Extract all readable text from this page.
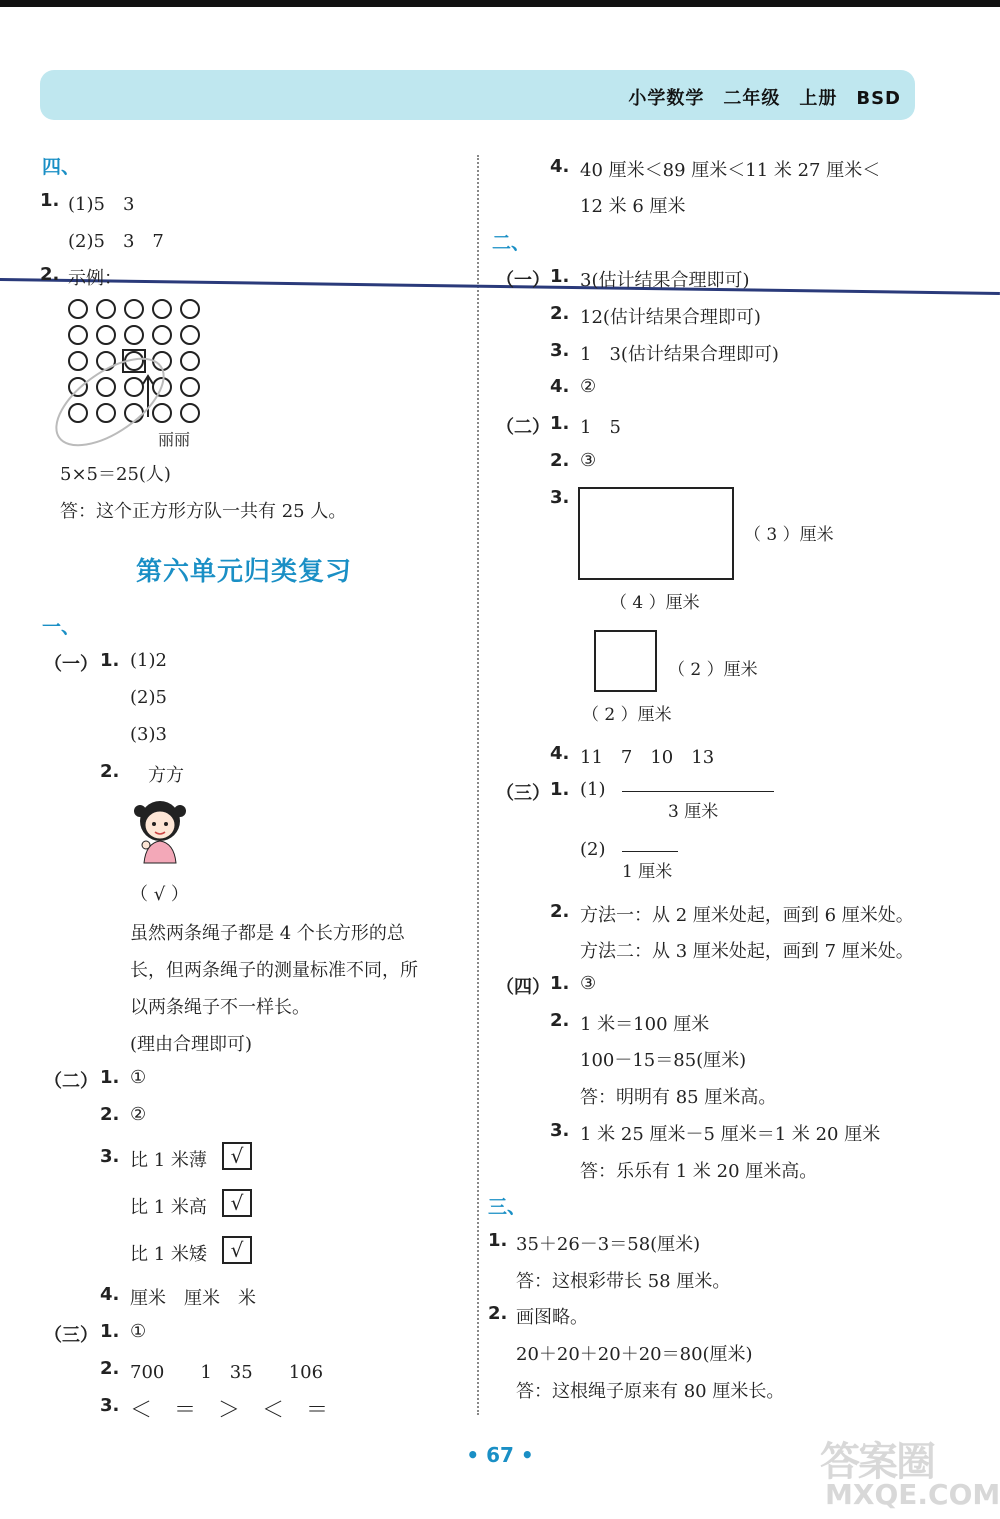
小学数学　二年级　上册　BSD
四、
1. (1)5　3
(2)5　3　7
2. 示例：
丽丽
5×5＝25(人)
答：这个正方形方队一共有 25 人。
第六单元归类复习
一、
（一） 1. (1)2
(2)5
(3)3
2. 方方
（ √ ）
虽然两条绳子都是 4 个长方形的总
长，但两条绳子的测量标准不同，所
以两条绳子不一样长。
(理由合理即可)
（二） 1. ①
2. ②
3. 比 1 米薄	√
比 1 米高	√
比 1 米矮	√
4. 厘米　厘米　米
（三） 1. ①
2. 700　　1　35　　106
3. ＜　＝　＞　＜　＝
4. 40 厘米＜89 厘米＜11 米 27 厘米＜
12 米 6 厘米
二、
（一） 1. 3(估计结果合理即可)
2. 12(估计结果合理即可)
3. 1　3(估计结果合理即可)
4. ②
（二） 1. 1　5
2. ③
3.
（ 3 ）厘米
（ 4 ）厘米
（ 2 ）厘米
（ 2 ）厘米
4. 11　7　10　13
（三） 1. (1)
3 厘米
(2)
1 厘米
2. 方法一：从 2 厘米处起，画到 6 厘米处。
方法二：从 3 厘米处起，画到 7 厘米处。
（四） 1. ③
2. 1 米＝100 厘米
100－15＝85(厘米)
答：明明有 85 厘米高。
3. 1 米 25 厘米－5 厘米＝1 米 20 厘米
答：乐乐有 1 米 20 厘米高。
三、
1. 35＋26－3＝58(厘米)
答：这根彩带长 58 厘米。
2. 画图略。
20＋20＋20＋20＝80(厘米)
答：这根绳子原来有 80 厘米长。
• 67 •	答案圈
MXQE.COM
